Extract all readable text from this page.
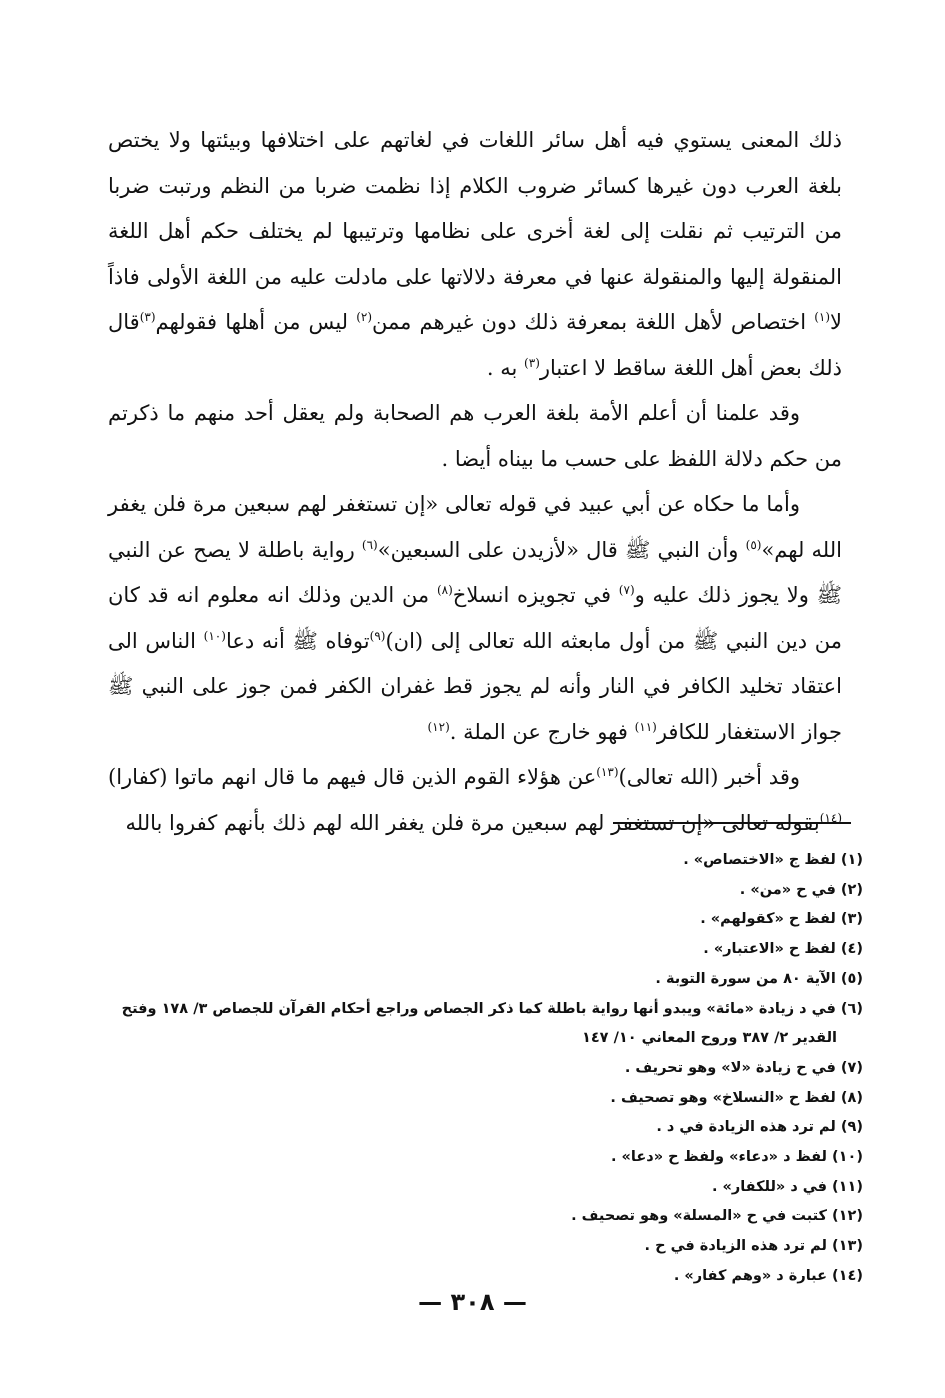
ذلك المعنى يستوي فيه أهل سائر اللغات في لغاتهم على اختلافها وبيئتها ولا يختص بلغة العرب دون غيرها كسائر ضروب الكلام إذا نظمت ضربا من النظم ورتبت ضربا من الترتيب ثم نقلت إلى لغة أخرى على نظامها وترتيبها لم يختلف حكم أهل اللغة المنقولة إليها والمنقولة عنها في معرفة دلالاتها على مادلت عليه من اللغة الأولى فاذاً لا$^{(١)}$ اختصاص لأهل اللغة بمعرفة ذلك دون غيرهم ممن$^{(٢)}$ ليس من أهلها فقولهم$^{(٣)}$قال ذلك بعض أهل اللغة ساقط لا اعتبار$^{(٣)}$ به .

وقد علمنا أن أعلم الأمة بلغة العرب هم الصحابة ولم يعقل أحد منهم ما ذكرتم من حكم دلالة اللفظ على حسب ما بيناه أيضا .

وأما ما حكاه عن أبي عبيد في قوله تعالى «إن تستغفر لهم سبعين مرة فلن يغفر الله لهم»$^{(٥)}$ وأن النبي ﷺ قال «لأزيدن على السبعين»$^{(٦)}$ رواية باطلة لا يصح عن النبي ﷺ ولا يجوز ذلك عليه و$^{(٧)}$ في تجويزه انسلاخ$^{(٨)}$ من الدين وذلك انه معلوم انه قد كان من دين النبي ﷺ من أول مابعثه الله تعالى إلى (ان)$^{(٩)}$توفاه ﷺ أنه دعا$^{(١٠)}$ الناس الى اعتقاد تخليد الكافر في النار وأنه لم يجوز قط غفران الكفر فمن جوز على النبي ﷺ جواز الاستغفار للكافر$^{(١١)}$ فهو خارج عن الملة .$^{(١٢)}$

وقد أخبر (الله تعالى)$^{(١٣)}$عن هؤلاء القوم الذين قال فيهم ما قال انهم ماتوا (كفارا)$^{(١٤)}$بقوله تعالى «إن تستغفر لهم سبعين مرة فلن يغفر الله لهم ذلك بأنهم كفروا بالله

(١) لفظ ج «الاختصاص» .
(٢) في ح «من» .
(٣) لفظ ح «كقولهم» .
(٤) لفظ ح «الاعتبار» .
(٥) الآية ٨٠ من سورة التوبة .
(٦) في د زيادة «مائة» ويبدو أنها رواية باطلة كما ذكر الجصاص وراجع أحكام القرآن للجصاص ٣/ ١٧٨ وفتح
القدير ٢/ ٣٨٧ وروح المعاني ١٠/ ١٤٧
(٧) في ح زيادة «لا» وهو تحريف .
(٨) لفظ ح «النسلاخ» وهو تصحيف .
(٩) لم ترد هذه الزيادة في د .
(١٠) لفظ د «دعاء» ولفظ ح «دعا» .
(١١) في د «للكفار» .
(١٢) كتبت في ح «المسلة» وهو تصحيف .
(١٣) لم ترد هذه الزيادة في ح .
(١٤) عبارة د «وهم كفار» .
— ٣٠٨ —
